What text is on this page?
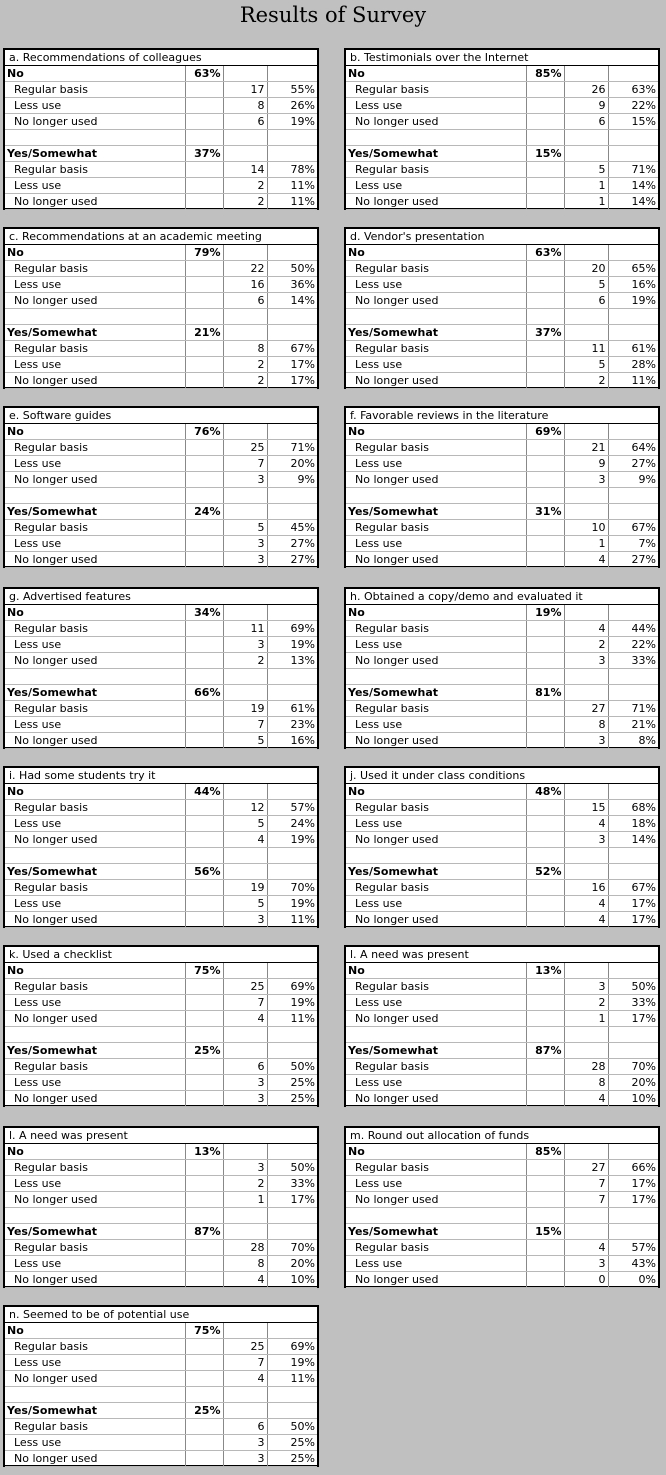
Results of Survey
a. Recommendations of colleagues
No	63%		
Regular basis		17	55%
Less use		8	26%
No longer used		6	19%

Yes/Somewhat	37%		
Regular basis		14	78%
Less use		2	11%
No longer used		2	11%
b. Testimonials over the Internet
No	85%		
Regular basis		26	63%
Less use		9	22%
No longer used		6	15%

Yes/Somewhat	15%		
Regular basis		5	71%
Less use		1	14%
No longer used		1	14%
c. Recommendations at an academic meeting
No	79%		
Regular basis		22	50%
Less use		16	36%
No longer used		6	14%

Yes/Somewhat	21%		
Regular basis		8	67%
Less use		2	17%
No longer used		2	17%
d. Vendor's presentation
No	63%		
Regular basis		20	65%
Less use		5	16%
No longer used		6	19%

Yes/Somewhat	37%		
Regular basis		11	61%
Less use		5	28%
No longer used		2	11%
e. Software guides
No	76%		
Regular basis		25	71%
Less use		7	20%
No longer used		3	9%

Yes/Somewhat	24%		
Regular basis		5	45%
Less use		3	27%
No longer used		3	27%
f. Favorable reviews in the literature
No	69%		
Regular basis		21	64%
Less use		9	27%
No longer used		3	9%

Yes/Somewhat	31%		
Regular basis		10	67%
Less use		1	7%
No longer used		4	27%
g. Advertised features
No	34%		
Regular basis		11	69%
Less use		3	19%
No longer used		2	13%

Yes/Somewhat	66%		
Regular basis		19	61%
Less use		7	23%
No longer used		5	16%
h. Obtained a copy/demo and evaluated it
No	19%		
Regular basis		4	44%
Less use		2	22%
No longer used		3	33%

Yes/Somewhat	81%		
Regular basis		27	71%
Less use		8	21%
No longer used		3	8%
i. Had some students try it
No	44%		
Regular basis		12	57%
Less use		5	24%
No longer used		4	19%

Yes/Somewhat	56%		
Regular basis		19	70%
Less use		5	19%
No longer used		3	11%
j. Used it under class conditions
No	48%		
Regular basis		15	68%
Less use		4	18%
No longer used		3	14%

Yes/Somewhat	52%		
Regular basis		16	67%
Less use		4	17%
No longer used		4	17%
k. Used a checklist
No	75%		
Regular basis		25	69%
Less use		7	19%
No longer used		4	11%

Yes/Somewhat	25%		
Regular basis		6	50%
Less use		3	25%
No longer used		3	25%
l. A need was present
No	13%		
Regular basis		3	50%
Less use		2	33%
No longer used		1	17%

Yes/Somewhat	87%		
Regular basis		28	70%
Less use		8	20%
No longer used		4	10%
l. A need was present
No	13%		
Regular basis		3	50%
Less use		2	33%
No longer used		1	17%

Yes/Somewhat	87%		
Regular basis		28	70%
Less use		8	20%
No longer used		4	10%
m. Round out allocation of funds
No	85%		
Regular basis		27	66%
Less use		7	17%
No longer used		7	17%

Yes/Somewhat	15%		
Regular basis		4	57%
Less use		3	43%
No longer used		0	0%
n. Seemed to be of potential use
No	75%		
Regular basis		25	69%
Less use		7	19%
No longer used		4	11%

Yes/Somewhat	25%		
Regular basis		6	50%
Less use		3	25%
No longer used		3	25%
